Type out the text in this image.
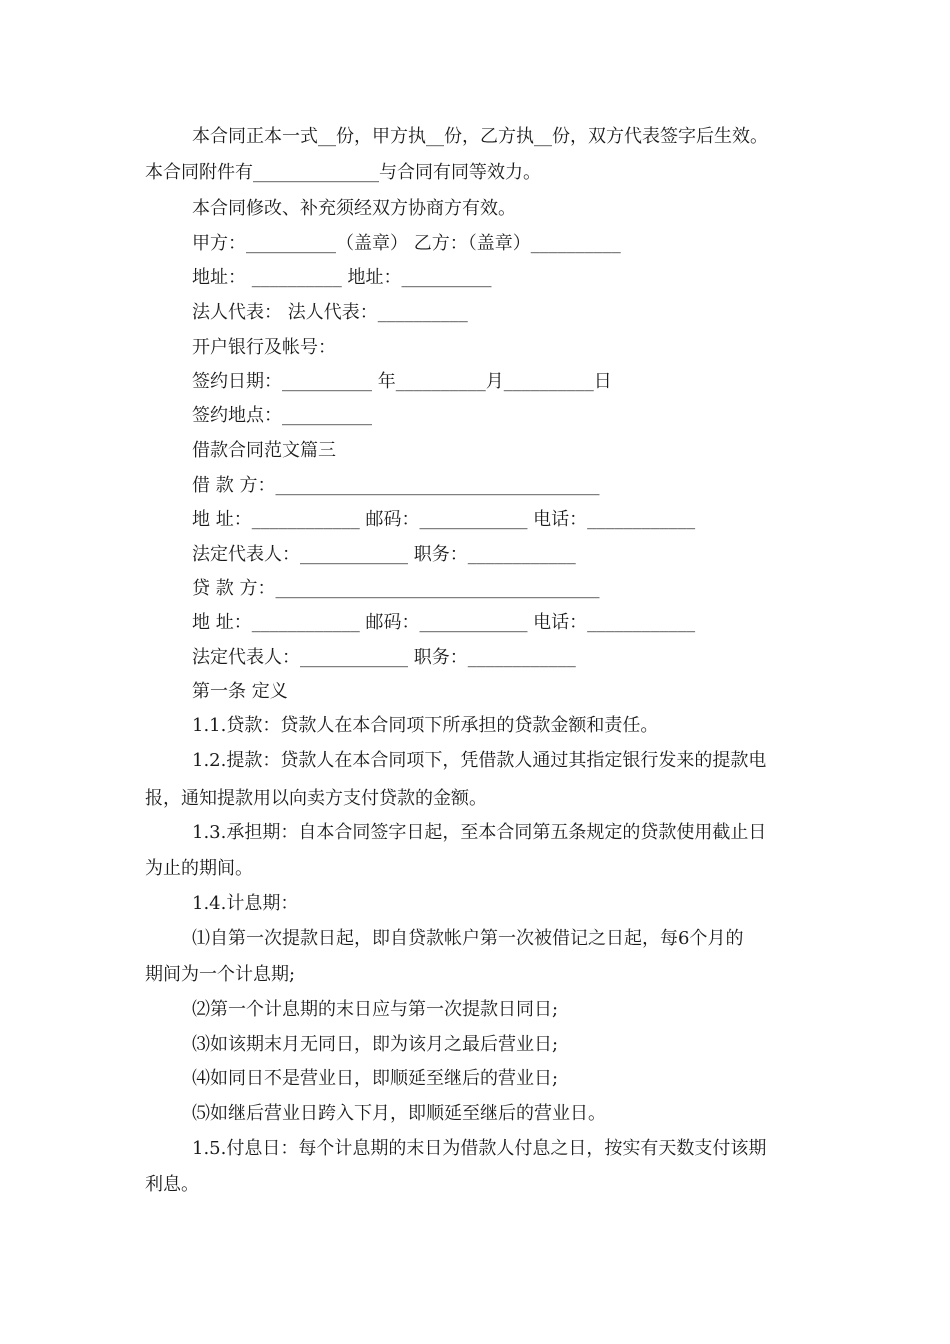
本合同正本一式__份，甲方执__份，乙方执__份，双方代表签字后生效。
本合同附件有______________与合同有同等效力。
本合同修改、补充须经双方协商方有效。
甲方：__________（盖章） 乙方：（盖章）__________
地址： __________ 地址：__________
法人代表： 法人代表：__________
开户银行及帐号：
签约日期：__________ 年__________月__________日
签约地点：__________
借款合同范文篇三
借 款 方：____________________________________
地 址：____________ 邮码：____________ 电话：____________
法定代表人：____________ 职务：____________
贷 款 方：____________________________________
地 址：____________ 邮码：____________ 电话：____________
法定代表人：____________ 职务：____________
第一条 定义
1.1.贷款：贷款人在本合同项下所承担的贷款金额和责任。
1.2.提款：贷款人在本合同项下，凭借款人通过其指定银行发来的提款电
报，通知提款用以向卖方支付贷款的金额。
1.3.承担期：自本合同签字日起，至本合同第五条规定的贷款使用截止日
为止的期间。
1.4.计息期：
⑴自第一次提款日起，即自贷款帐户第一次被借记之日起，每6个月的
期间为一个计息期;
⑵第一个计息期的末日应与第一次提款日同日;
⑶如该期末月无同日，即为该月之最后营业日;
⑷如同日不是营业日，即顺延至继后的营业日;
⑸如继后营业日跨入下月，即顺延至继后的营业日。
1.5.付息日：每个计息期的末日为借款人付息之日，按实有天数支付该期
利息。
